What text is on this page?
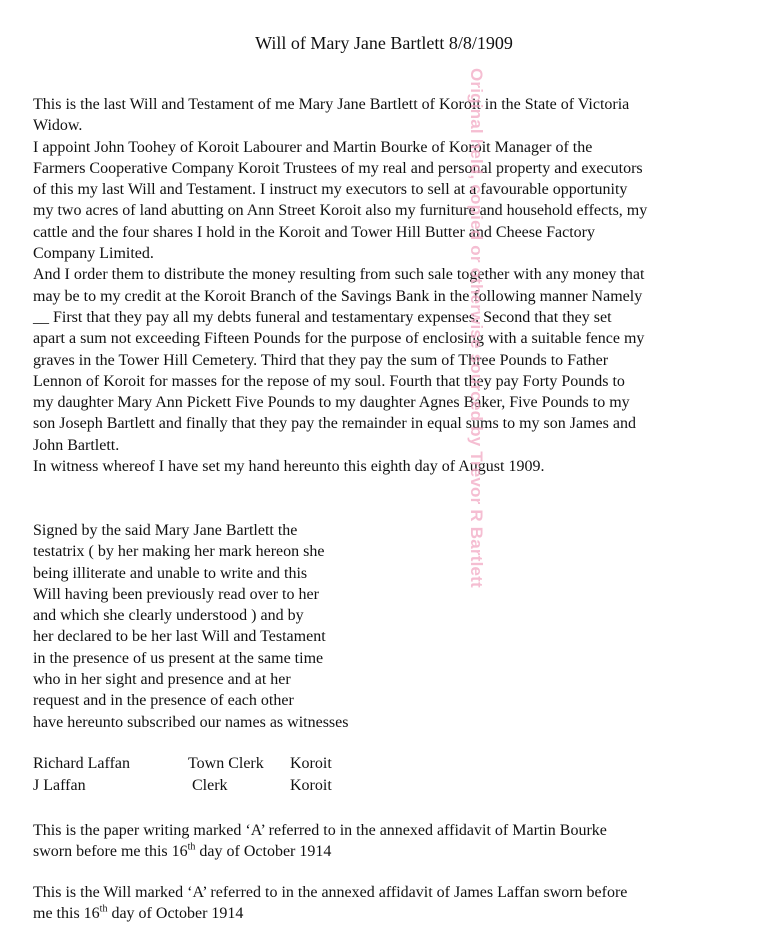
Will of Mary Jane Bartlett 8/8/1909
This is the last Will and Testament of me Mary Jane Bartlett of Koroit in the State of Victoria
Widow.
I appoint John Toohey of Koroit Labourer and Martin Bourke of Koroit Manager of the
Farmers Cooperative Company Koroit Trustees of my real and personal property and executors
of this my last Will and Testament. I instruct my executors to sell at a favourable opportunity
my two acres of land abutting on Ann Street Koroit also my furniture and household effects, my
cattle and the four shares I hold in the Koroit and Tower Hill Butter and Cheese Factory
Company Limited.
And I order them to distribute the money resulting from such sale together with any money that
may be to my credit at the Koroit Branch of the Savings Bank in the following manner Namely
__ First that they pay all my debts funeral and testamentary expenses. Second that they set
apart a sum not exceeding Fifteen Pounds for the purpose of enclosing with a suitable fence my
graves in the Tower Hill Cemetery. Third that they pay the sum of Three Pounds to Father
Lennon of Koroit for masses for the repose of my soul. Fourth that they pay Forty Pounds to
my daughter Mary Ann Pickett Five Pounds to my daughter Agnes Baker, Five Pounds to my
son Joseph Bartlett and finally that they pay the remainder in equal sums to my son James and
John Bartlett.
In witness whereof I have set my hand hereunto this eighth day of August 1909.
Signed by the said Mary Jane Bartlett the
testatrix ( by her making her mark hereon she
being illiterate and unable to write and this
Will having been previously read over to her
and which she clearly understood ) and by
her declared to be her last Will and Testament
in the presence of us present at the same time
who in her sight and presence and at her
request and in the presence of each other
have hereunto subscribed our names as witnesses
Richard Laffan	Town Clerk Koroit
J Laffan	Clerk	Koroit
This is the paper writing marked ‘A’ referred to in the annexed affidavit of Martin Bourke
sworn before me this 16th day of October 1914
This is the Will marked ‘A’ referred to in the annexed affidavit of James Laffan sworn before
me this 16th day of October 1914
Original held, copied or otherwise sourced by Trevor R Bartlett
